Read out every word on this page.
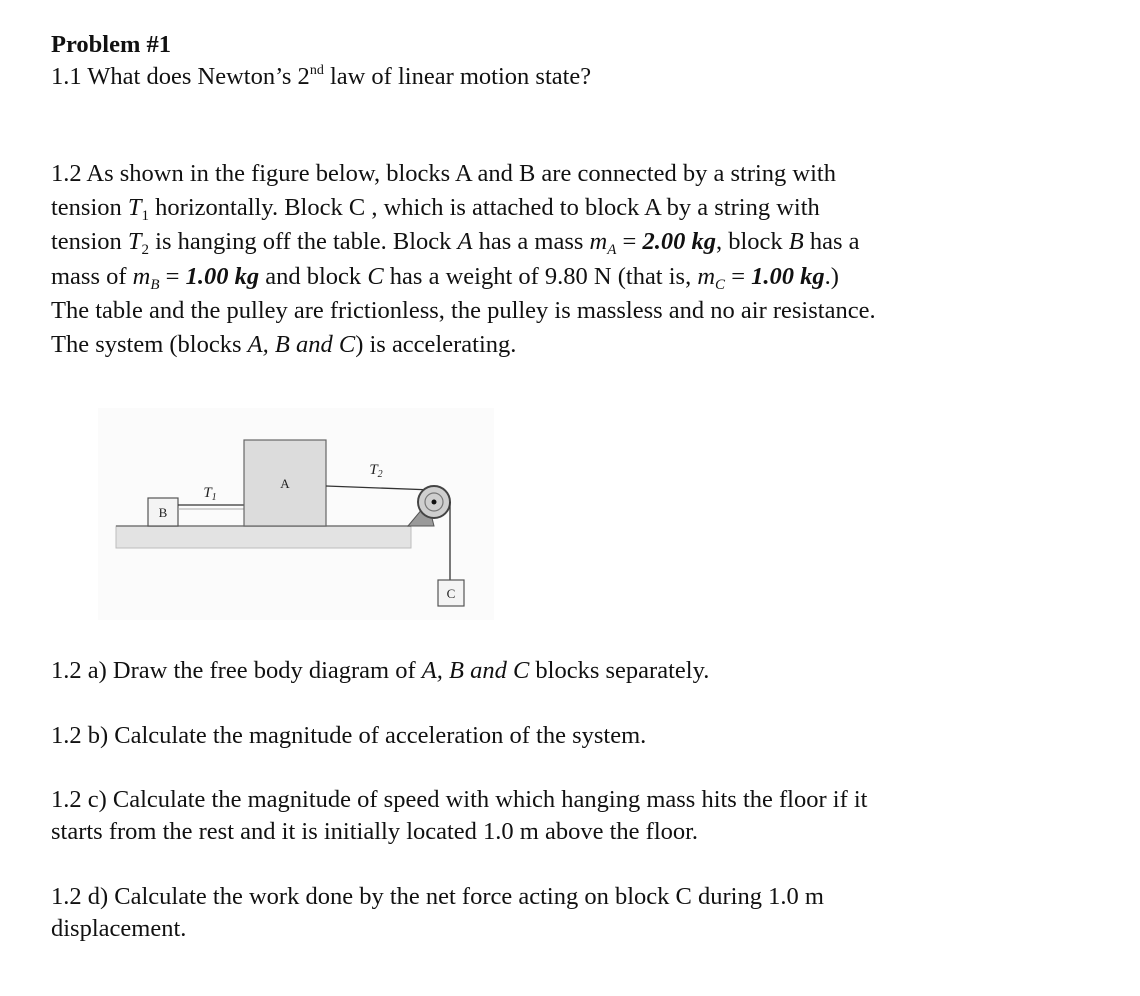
Problem #1
1.1 What does Newton’s 2nd law of linear motion state?
1.2 As shown in the figure below, blocks A and B are connected by a string with
tension $T_1$ horizontally. Block C , which is attached to block A by a string with
tension $T_2$ is hanging off the table. Block A has a mass $m_A = 2.00$ kg, block B has a
mass of $m_B = 1.00$ kg and block C has a weight of 9.80 N (that is, $m_C = 1.00$ kg.)
The table and the pulley are frictionless, the pulley is massless and no air resistance.
The system (blocks A, B and C) is accelerating.
B
$T_1$
A
$T_2$
C
1.2 a) Draw the free body diagram of A, B and C blocks separately.
1.2 b) Calculate the magnitude of acceleration of the system.
1.2 c) Calculate the magnitude of speed with which hanging mass hits the floor if it
starts from the rest and it is initially located 1.0 m above the floor.
1.2 d) Calculate the work done by the net force acting on block C during 1.0 m
displacement.
